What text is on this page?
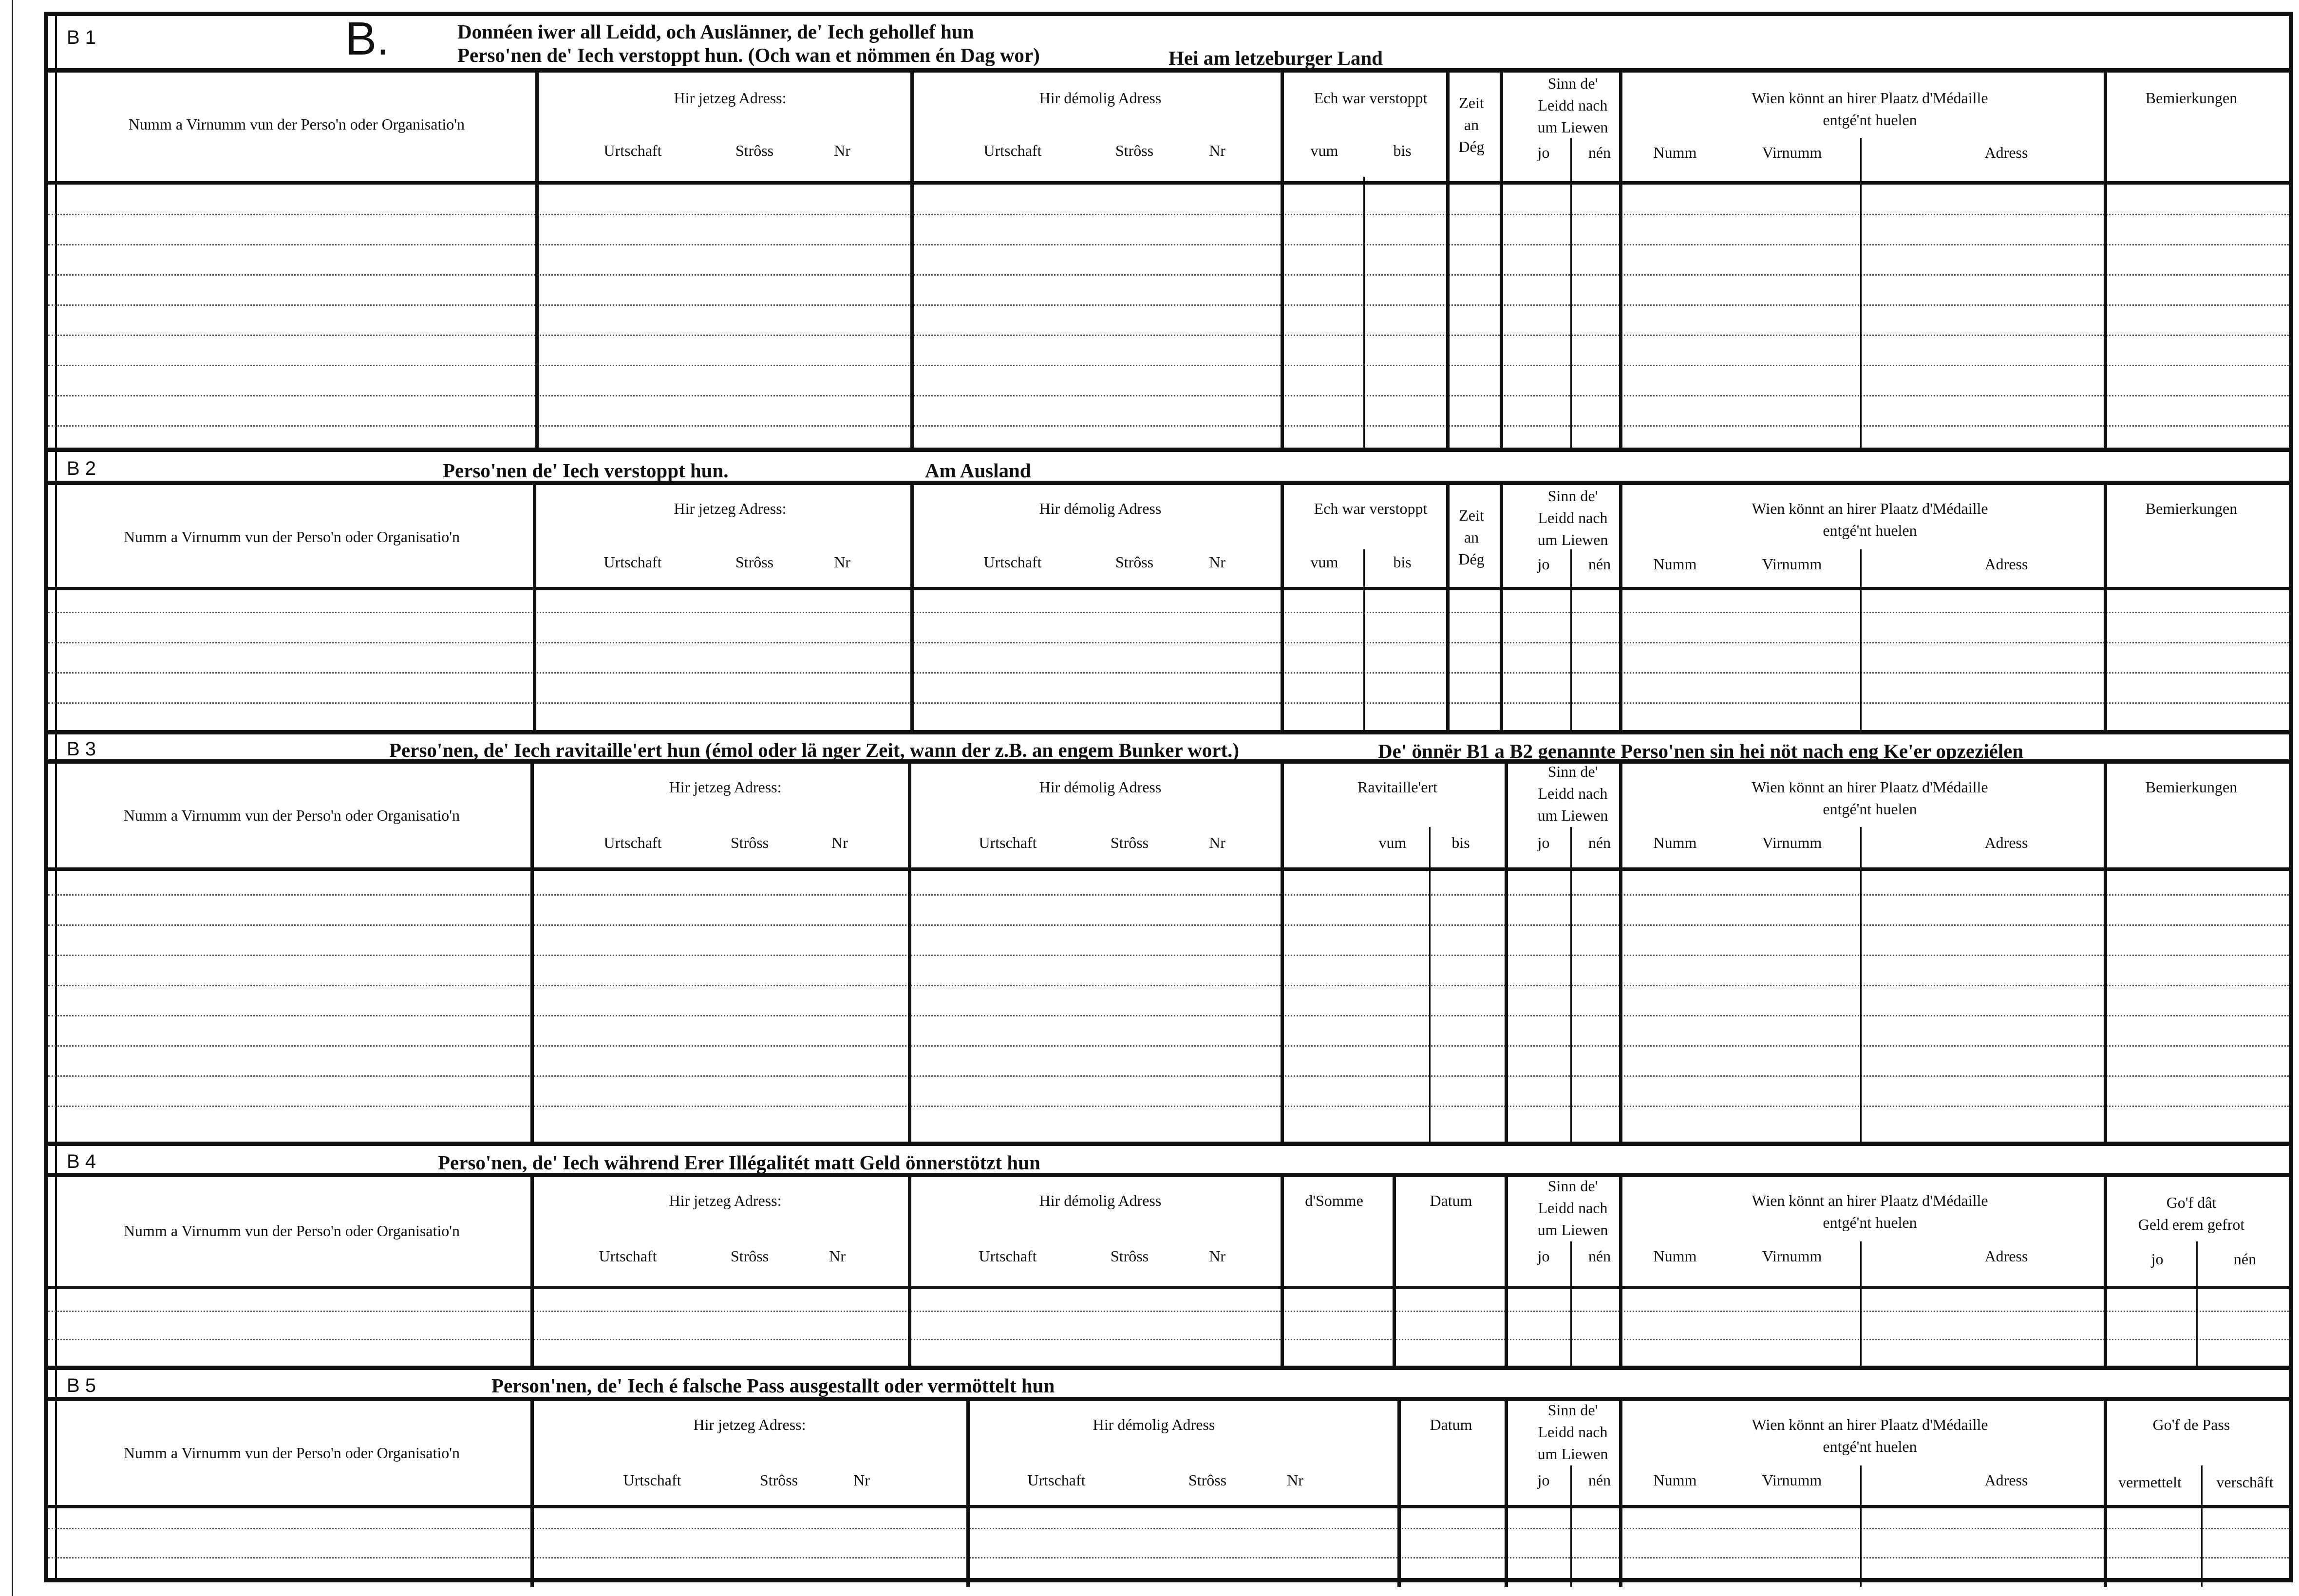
B 1	B.	Donnéen iwer all Leidd, och Auslänner, de' Iech gehollef hun
Perso'nen de' Iech verstoppt hun. (Och wan et nömmen én Dag wor)	Hei am letzeburger Land
Numm a Virnumm vun der Perso'n oder Organisatio'n
Hir jetzeg Adress:
Urtschaft	Strôss	Nr
Hir démolig Adress
Urtschaft	Strôss	Nr
Ech war verstoppt
vum	bis
Zeit
an
Dég
Sinn de'
Leidd nach
um Liewen
jo nén
Wien könnt an hirer Plaatz d'Médaille
entgé'nt huelen
Numm	Virnumm	Adress
Bemierkungen
B 2	Perso'nen de' Iech verstoppt hun.	Am Ausland
Numm a Virnumm vun der Perso'n oder Organisatio'n
Hir jetzeg Adress:
Urtschaft	Strôss	Nr
Hir démolig Adress
Urtschaft	Strôss	Nr
Ech war verstoppt
vum	bis
Zeit
an
Dég
Sinn de'
Leidd nach
um Liewen
jo nén
Wien könnt an hirer Plaatz d'Médaille
entgé'nt huelen
Numm	Virnumm	Adress
Bemierkungen
B 3	Perso'nen, de' Iech ravitaille'ert hun (émol oder lä nger Zeit, wann der z.B. an engem Bunker wort.)	De' önnër B1 a B2 genannte Perso'nen sin hei nöt nach eng Ke'er opzeziélen
Numm a Virnumm vun der Perso'n oder Organisatio'n
Hir jetzeg Adress:
Urtschaft	Strôss	Nr
Hir démolig Adress
Urtschaft	Strôss	Nr
Ravitaille'ert
vum	bis
Sinn de'
Leidd nach
um Liewen
jo nén
Wien könnt an hirer Plaatz d'Médaille
entgé'nt huelen
Numm	Virnumm	Adress
Bemierkungen
B 4	Perso'nen, de' Iech während Erer Illégalitét matt Geld önnerstötzt hun
Numm a Virnumm vun der Perso'n oder Organisatio'n
Hir jetzeg Adress:
Urtschaft	Strôss	Nr
Hir démolig Adress
Urtschaft	Strôss	Nr
d'Somme	Datum
Sinn de'
Leidd nach
um Liewen
jo nén
Wien könnt an hirer Plaatz d'Médaille
entgé'nt huelen
Numm	Virnumm	Adress
Go'f dât
Geld erem gefrot
jo	nén
B 5	Person'nen, de' Iech é falsche Pass ausgestallt oder vermöttelt hun
Numm a Virnumm vun der Perso'n oder Organisatio'n
Hir jetzeg Adress:
Urtschaft	Strôss	Nr
Hir démolig Adress
Urtschaft	Strôss	Nr
Datum
Sinn de'
Leidd nach
um Liewen
jo nén
Wien könnt an hirer Plaatz d'Médaille
entgé'nt huelen
Numm	Virnumm	Adress
Go'f de Pass
vermettelt verschâft
